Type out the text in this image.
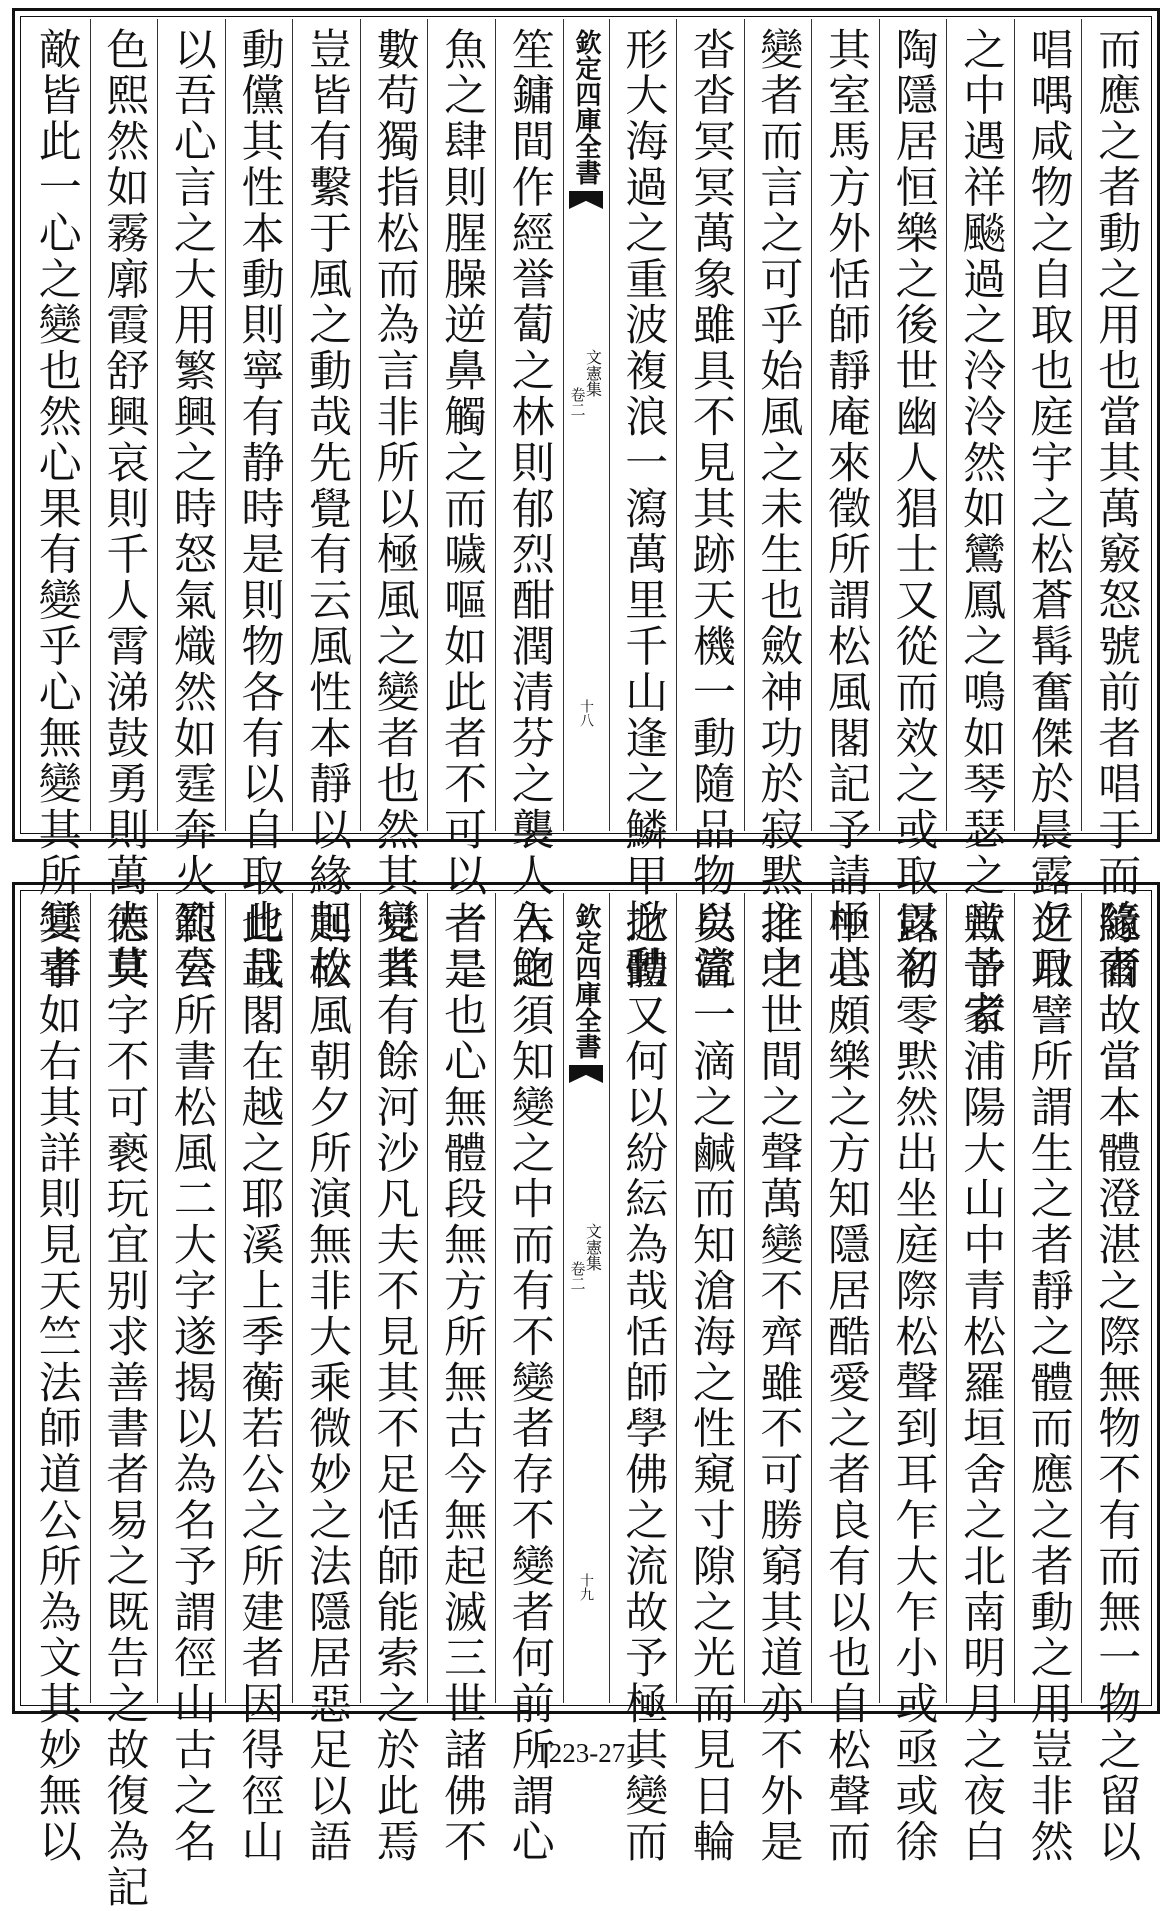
而應之者動之用也當其萬竅怒號前者唱于而隨者
唱喁咸物之自取也庭宇之松蒼髯奮傑於晨露夕月
之中遇祥飈過之泠泠然如鸞鳳之鳴如琴瑟之音昔者
陶隱居恒樂之後世幽人猖士又從而效之或取以名
其室馬方外恬師靜庵來徵所謂松風閣記予請極其
變者而言之可乎始風之未生也斂神功於寂黙之中
沓沓冥冥萬象雖具不見其跡天機一動隨品物以流
形大海過之重波複浪一瀉萬里千山逢之鱗甲掀動
欽定四庫全書
文憲集
卷二
十八
笙鏞間作經誉蔔之林則郁烈酣潤清芬之襲人入鮑
魚之肆則腥臊逆鼻觸之而噦嘔如此者不可以一二
數苟獨指松而為言非所以極風之變者也然其變者
豈皆有繫于風之動哉先覺有云風性本靜以緣起故
動儻其性本動則寧有静時是則物各有以自取也且
以吾心言之大用繁興之時怒氣熾然如霆奔火烈喜
色熙然如霧廓霞舒興哀則千人霄涕鼓勇則萬夫莫
敵皆此一心之變也然心果有變乎心無變其所變者
緣爾故當本體澄湛之際無物不有而無一物之留以
近取譬所謂生之者靜之體而應之者動之用豈非然
歟予家浦陽大山中青松羅垣舍之北南明月之夜白
露初零黙然出坐庭際松聲到耳乍大乍小或亟或徐
中心頗樂之方知隱居酷愛之者良有以也自松聲而
推之世間之聲萬變不齊雖不可勝窮其道亦不外是
矣嘗一滴之鹹而知滄海之性窺寸隙之光而見日輪
之體又何以紛紜為哉恬師學佛之流故予極其變而
欽定四庫全書
文憲集
卷二
十九
告之須知變之中而有不變者存不變者何前所謂心
者是也心無體段無方所無古今無起滅三世諸佛不
見其有餘河沙凡夫不見其不足恬師能索之於此焉
則松風朝夕所演無非大乘微妙之法隱居惡足以語
此哉閣在越之耶溪上季蘅若公之所建者因得徑山
範公所書松風二大字遂揭以為名予謂徑山古之名
德其字不可褻玩宜别求善書者易之既告之故復為記
其事如右其詳則見天竺法師道公所為文其妙無以	1223-271
